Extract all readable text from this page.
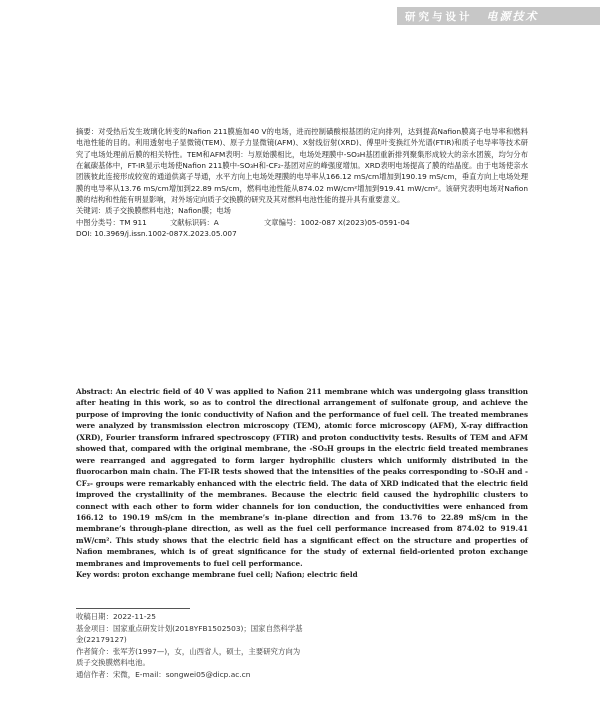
研究与设计 电源技术
摘要：对受热后发生玻璃化转变的Nafion 211膜施加40 V的电场，进而控制磺酸根基团的定向排列，达到提高Nafion膜离子电导率和燃料电池性能的目的。利用透射电子显微镜(TEM)、原子力显微镜(AFM)、X射线衍射(XRD)、傅里叶变换红外光谱(FTIR)和质子电导率等技术研究了电场处理前后膜的相关特性。TEM和AFM表明：与原始膜相比，电场处理膜中-SO₃H基团重新排列聚集形成较大的亲水团簇，均匀分布在氟碳基体中，FT-IR显示电场使Nafion 211膜中-SO₃H和-CF₂-基团对应的峰强度增加。XRD表明电场提高了膜的结晶度。由于电场使亲水团簇彼此连接形成较宽的通道供离子导通，水平方向上电场处理膜的电导率从166.12 mS/cm增加到190.19 mS/cm，垂直方向上电场处理膜的电导率从13.76 mS/cm增加到22.89 mS/cm，燃料电池性能从874.02 mW/cm²增加到919.41 mW/cm²。该研究表明电场对Nafion膜的结构和性能有明显影响，对外场定向质子交换膜的研究及其对燃料电池性能的提升具有重要意义。
关键词：质子交换膜燃料电池；Nafion膜；电场
中图分类号：TM 911	文献标识码：A	文章编号：1002-087 X(2023)05-0591-04
DOI: 10.3969/j.issn.1002-087X.2023.05.007
Abstract: An electric field of 40 V was applied to Nafion 211 membrane which was undergoing glass transition after heating in this work, so as to control the directional arrangement of sulfonate group, and achieve the purpose of improving the ionic conductivity of Nafion and the performance of fuel cell. The treated membranes were analyzed by transmission electron microscopy (TEM), atomic force microscopy (AFM), X-ray diffraction (XRD), Fourier transform infrared spectroscopy (FTIR) and proton conductivity tests. Results of TEM and AFM showed that, compared with the original membrane, the -SO₃H groups in the electric field treated membranes were rearranged and aggregated to form larger hydrophilic clusters which uniformly distributed in the fluorocarbon main chain. The FT-IR tests showed that the intensities of the peaks corresponding to -SO₃H and -CF₂- groups were remarkably enhanced with the electric field. The data of XRD indicated that the electric field improved the crystallinity of the membranes. Because the electric field caused the hydrophilic clusters to connect with each other to form wider channels for ion conduction, the conductivities were enhanced from 166.12 to 190.19 mS/cm in the membrane’s in-plane direction and from 13.76 to 22.89 mS/cm in the membrane’s through-plane direction, as well as the fuel cell performance increased from 874.02 to 919.41 mW/cm². This study shows that the electric field has a significant effect on the structure and properties of Nafion membranes, which is of great significance for the study of external field-oriented proton exchange membranes and improvements to fuel cell performance.
Key words: proton exchange membrane fuel cell; Nafion; electric field
收稿日期：2022-11-25
基金项目：国家重点研发计划(2018YFB1502503)；国家自然科学基金(22179127)
作者简介：张军芳(1997—)，女，山西省人，硕士，主要研究方向为质子交换膜燃料电池。
通信作者：宋微，E-mail：songwei05@dicp.ac.cn
